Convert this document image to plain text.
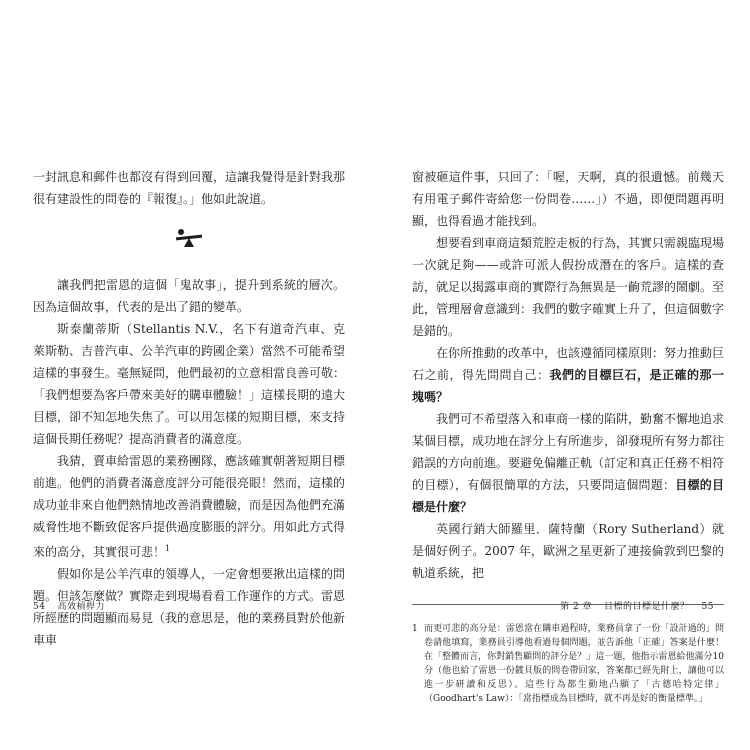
一封訊息和郵件也都沒有得到回覆，這讓我覺得是針對我那很有建設性的問卷的『報復』。」他如此說道。

讓我們把雷恩的這個「鬼故事」，提升到系統的層次。因為這個故事，代表的是出了錯的變革。

斯泰蘭蒂斯（Stellantis N.V.，名下有道奇汽車、克萊斯勒、吉普汽車、公羊汽車的跨國企業）當然不可能希望這樣的事發生。毫無疑問，他們最初的立意相當良善可敬：「我們想要為客戶帶來美好的購車體驗！」這樣長期的遠大目標，卻不知怎地失焦了。可以用怎樣的短期目標，來支持這個長期任務呢？提高消費者的滿意度。

我猜，賣車給雷恩的業務團隊，應該確實朝著短期目標前進。他們的消費者滿意度評分可能很亮眼！然而，這樣的成功並非來自他們熱情地改善消費體驗，而是因為他們充滿威脅性地不斷致促客戶提供過度膨脹的評分。用如此方式得來的高分，其實很可悲！$^1$

假如你是公羊汽車的領導人，一定會想要揪出這樣的問題。但該怎麼做？實際走到現場看看工作運作的方式。雷恩所經歷的問題顯而易見（我的意思是，他的業務員對於他新車車

54 高效槓桿力

窗被砸這件事，只回了：「喔，天啊，真的很遺憾。前幾天有用電子郵件寄給您一份問卷……」）不過，即便問題再明顯，也得看過才能找到。

想要看到車商這類荒腔走板的行為，其實只需親臨現場一次就足夠——或許可派人假扮成潛在的客戶。這樣的查訪，就足以揭露車商的實際行為無異是一齣荒謬的鬧劇。至此，管理層會意識到：我們的數字確實上升了，但這個數字是錯的。

在你所推動的改革中，也該遵循同樣原則：努力推動巨石之前，得先問問自己：我們的目標巨石，是正確的那一塊嗎？

我們可不希望落入和車商一樣的陷阱，勤奮不懈地追求某個目標，成功地在評分上有所進步，卻發現所有努力都往錯誤的方向前進。要避免偏離正軌（訂定和真正任務不相符的目標），有個很簡單的方法，只要問這個問題：目標的目標是什麼？

英國行銷大師羅里．薩特蘭（Rory Sutherland）就是個好例子。2007 年，歐洲之星更新了連接倫敦到巴黎的軌道系統，把

1 而更可悲的高分是：雷恩當在購車過程時，業務員拿了一份「設計過的」問卷請他填寫，業務員引導他看過每個問題，並告訴他「正確」答案是什麼！在「整體而言，你對銷售顧問的評分是？」這一題，他指示雷恩給他滿分10分（他也給了雷恩一份鍍貝版的問卷帶回家，答案都已經先附上，讓他可以進一步研讀和反思）。這些行為都生動地凸顯了「古德哈特定律」（Goodhart's Law）：「當指標成為目標時，就不再是好的衡量標準。」
第 2 章 目標的目標是什麼？ 55
